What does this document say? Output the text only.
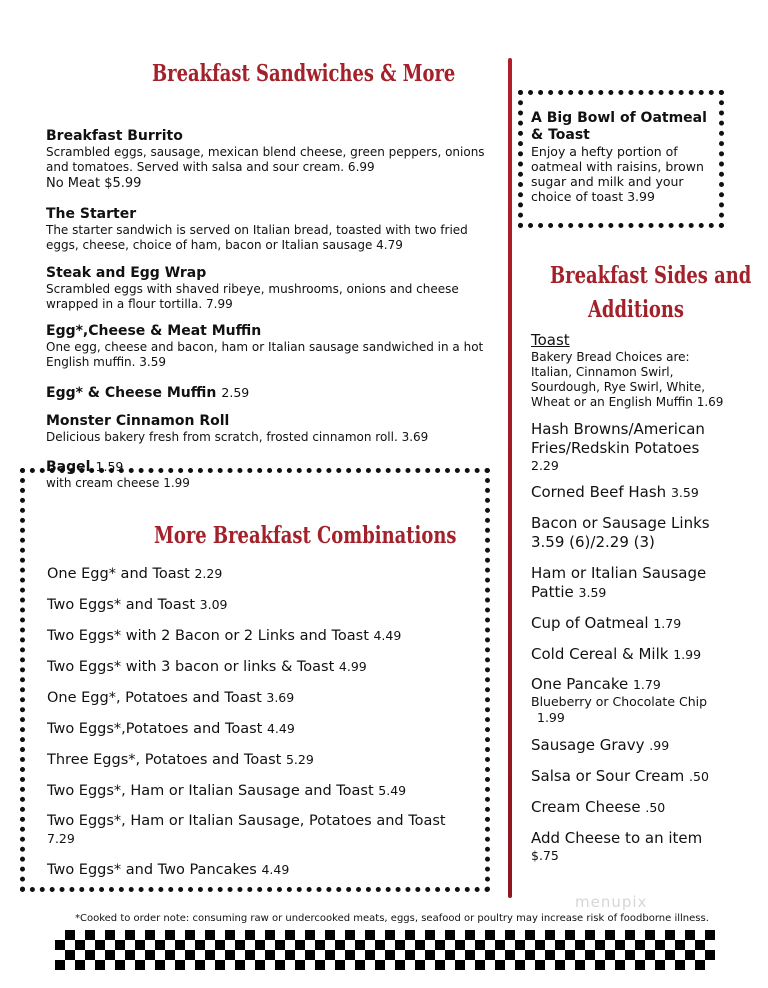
Breakfast Sandwiches & More
Breakfast Burrito
Scrambled eggs, sausage, mexican blend cheese, green peppers, onions and tomatoes. Served with salsa and sour cream. 6.99
No Meat $5.99
The Starter
The starter sandwich is served on Italian bread, toasted with two fried eggs, cheese, choice of ham, bacon or Italian sausage 4.79
Steak and Egg Wrap
Scrambled eggs with shaved ribeye, mushrooms, onions and cheese wrapped in a flour tortilla. 7.99
Egg*,Cheese & Meat Muffin
One egg, cheese and bacon, ham or Italian sausage sandwiched in a hot English muffin. 3.59
Egg* & Cheese Muffin 2.59
Monster Cinnamon Roll
Delicious bakery fresh from scratch, frosted cinnamon roll. 3.69
Bagel 1.59
with cream cheese 1.99
More Breakfast Combinations
One Egg* and Toast 2.29
Two Eggs* and Toast 3.09
Two Eggs* with 2 Bacon or 2 Links and Toast 4.49
Two Eggs* with 3 bacon or links & Toast 4.99
One Egg*, Potatoes and Toast 3.69
Two Eggs*,Potatoes and Toast 4.49
Three Eggs*, Potatoes and Toast 5.29
Two Eggs*, Ham or Italian Sausage and Toast 5.49
Two Eggs*, Ham or Italian Sausage, Potatoes and Toast
7.29
Two Eggs* and Two Pancakes 4.49
A Big Bowl of Oatmeal & Toast
Enjoy a hefty portion of oatmeal with raisins, brown sugar and milk and your choice of toast 3.99
Breakfast Sides and
Additions
Toast
Bakery Bread Choices are: Italian, Cinnamon Swirl, Sourdough, Rye Swirl, White, Wheat or an English Muffin 1.69
Hash Browns/American Fries/Redskin Potatoes
2.29
Corned Beef Hash 3.59
Bacon or Sausage Links
3.59 (6)/2.29 (3)
Ham or Italian Sausage Pattie 3.59
Cup of Oatmeal 1.79
Cold Cereal & Milk 1.99
One Pancake 1.79
Blueberry or Chocolate Chip
1.99
Sausage Gravy .99
Salsa or Sour Cream .50
Cream Cheese .50
Add Cheese to an item
$.75
menupix
*Cooked to order note: consuming raw or undercooked meats, eggs, seafood or poultry may increase risk of foodborne illness.
